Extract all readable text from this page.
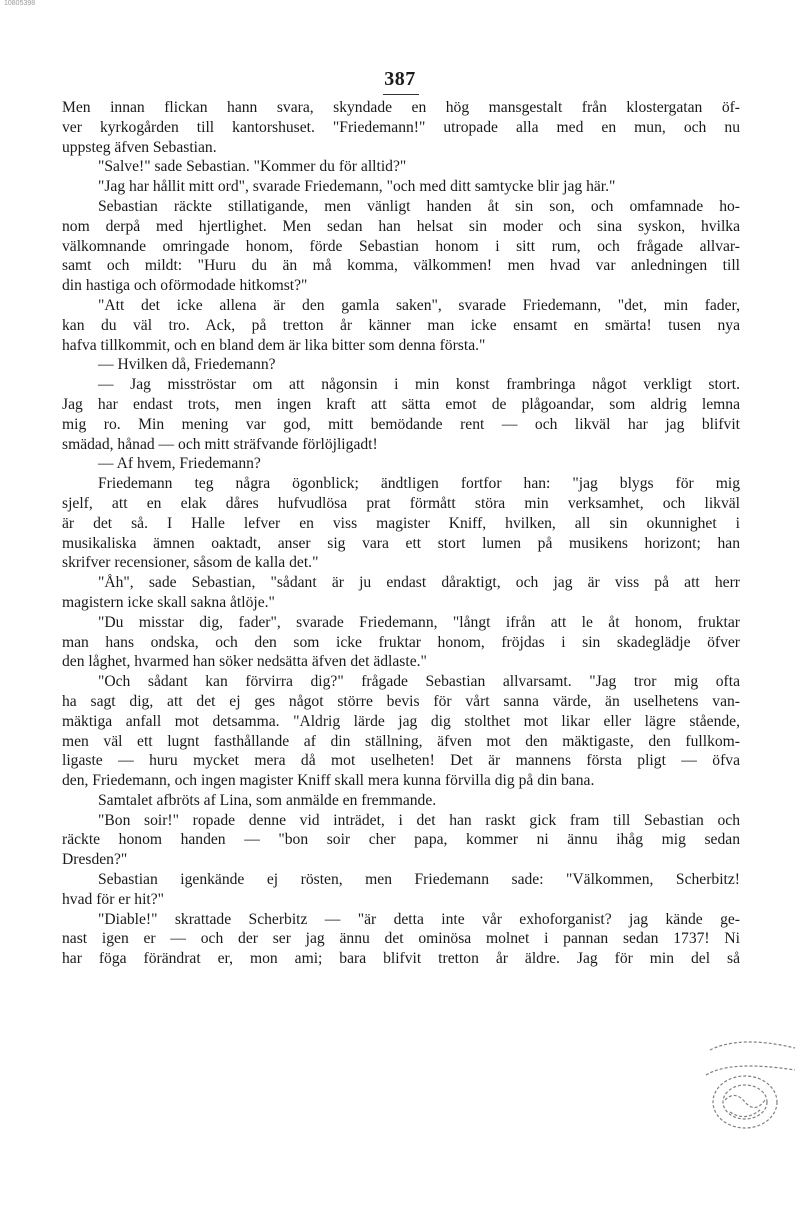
10805398
387
Men innan flickan hann svara, skyndade en hög mansgestalt från klostergatan öf-
ver kyrkogården till kantorshuset. "Friedemann!" utropade alla med en mun, och nu
uppsteg äfven Sebastian.
"Salve!" sade Sebastian. "Kommer du för alltid?"
"Jag har hållit mitt ord", svarade Friedemann, "och med ditt samtycke blir jag här."
Sebastian räckte stillatigande, men vänligt handen åt sin son, och omfamnade ho-
nom derpå med hjertlighet. Men sedan han helsat sin moder och sina syskon, hvilka
välkomnande omringade honom, förde Sebastian honom i sitt rum, och frågade allvar-
samt och mildt: "Huru du än må komma, välkommen! men hvad var anledningen till
din hastiga och oförmodade hitkomst?"
"Att det icke allena är den gamla saken", svarade Friedemann, "det, min fader,
kan du väl tro. Ack, på tretton år känner man icke ensamt en smärta! tusen nya
hafva tillkommit, och en bland dem är lika bitter som denna första."
— Hvilken då, Friedemann?
— Jag misströstar om att någonsin i min konst frambringa något verkligt stort.
Jag har endast trots, men ingen kraft att sätta emot de plågoandar, som aldrig lemna
mig ro. Min mening var god, mitt bemödande rent — och likväl har jag blifvit
smädad, hånad — och mitt sträfvande förlöjligadt!
— Af hvem, Friedemann?
Friedemann teg några ögonblick; ändtligen fortfor han: "jag blygs för mig
sjelf, att en elak dåres hufvudlösa prat förmått störa min verksamhet, och likväl
är det så. I Halle lefver en viss magister Kniff, hvilken, all sin okunnighet i
musikaliska ämnen oaktadt, anser sig vara ett stort lumen på musikens horizont; han
skrifver recensioner, såsom de kalla det."
"Åh", sade Sebastian, "sådant är ju endast dåraktigt, och jag är viss på att herr
magistern icke skall sakna åtlöje."
"Du misstar dig, fader", svarade Friedemann, "långt ifrån att le åt honom, fruktar
man hans ondska, och den som icke fruktar honom, fröjdas i sin skadeglädje öfver
den låghet, hvarmed han söker nedsätta äfven det ädlaste."
"Och sådant kan förvirra dig?" frågade Sebastian allvarsamt. "Jag tror mig ofta
ha sagt dig, att det ej ges något större bevis för vårt sanna värde, än uselhetens van-
mäktiga anfall mot detsamma. "Aldrig lärde jag dig stolthet mot likar eller lägre stående,
men väl ett lugnt fasthållande af din ställning, äfven mot den mäktigaste, den fullkom-
ligaste — huru mycket mera då mot uselheten! Det är mannens första pligt — öfva
den, Friedemann, och ingen magister Kniff skall mera kunna förvilla dig på din bana.
Samtalet afbröts af Lina, som anmälde en fremmande.
"Bon soir!" ropade denne vid inträdet, i det han raskt gick fram till Sebastian och
räckte honom handen — "bon soir cher papa, kommer ni ännu ihåg mig sedan
Dresden?"
Sebastian igenkände ej rösten, men Friedemann sade: "Välkommen, Scherbitz!
hvad för er hit?"
"Diable!" skrattade Scherbitz — "är detta inte vår exhoforganist? jag kände ge-
nast igen er — och der ser jag ännu det ominösa molnet i pannan sedan 1737! Ni
har föga förändrat er, mon ami; bara blifvit tretton år äldre. Jag för min del så
